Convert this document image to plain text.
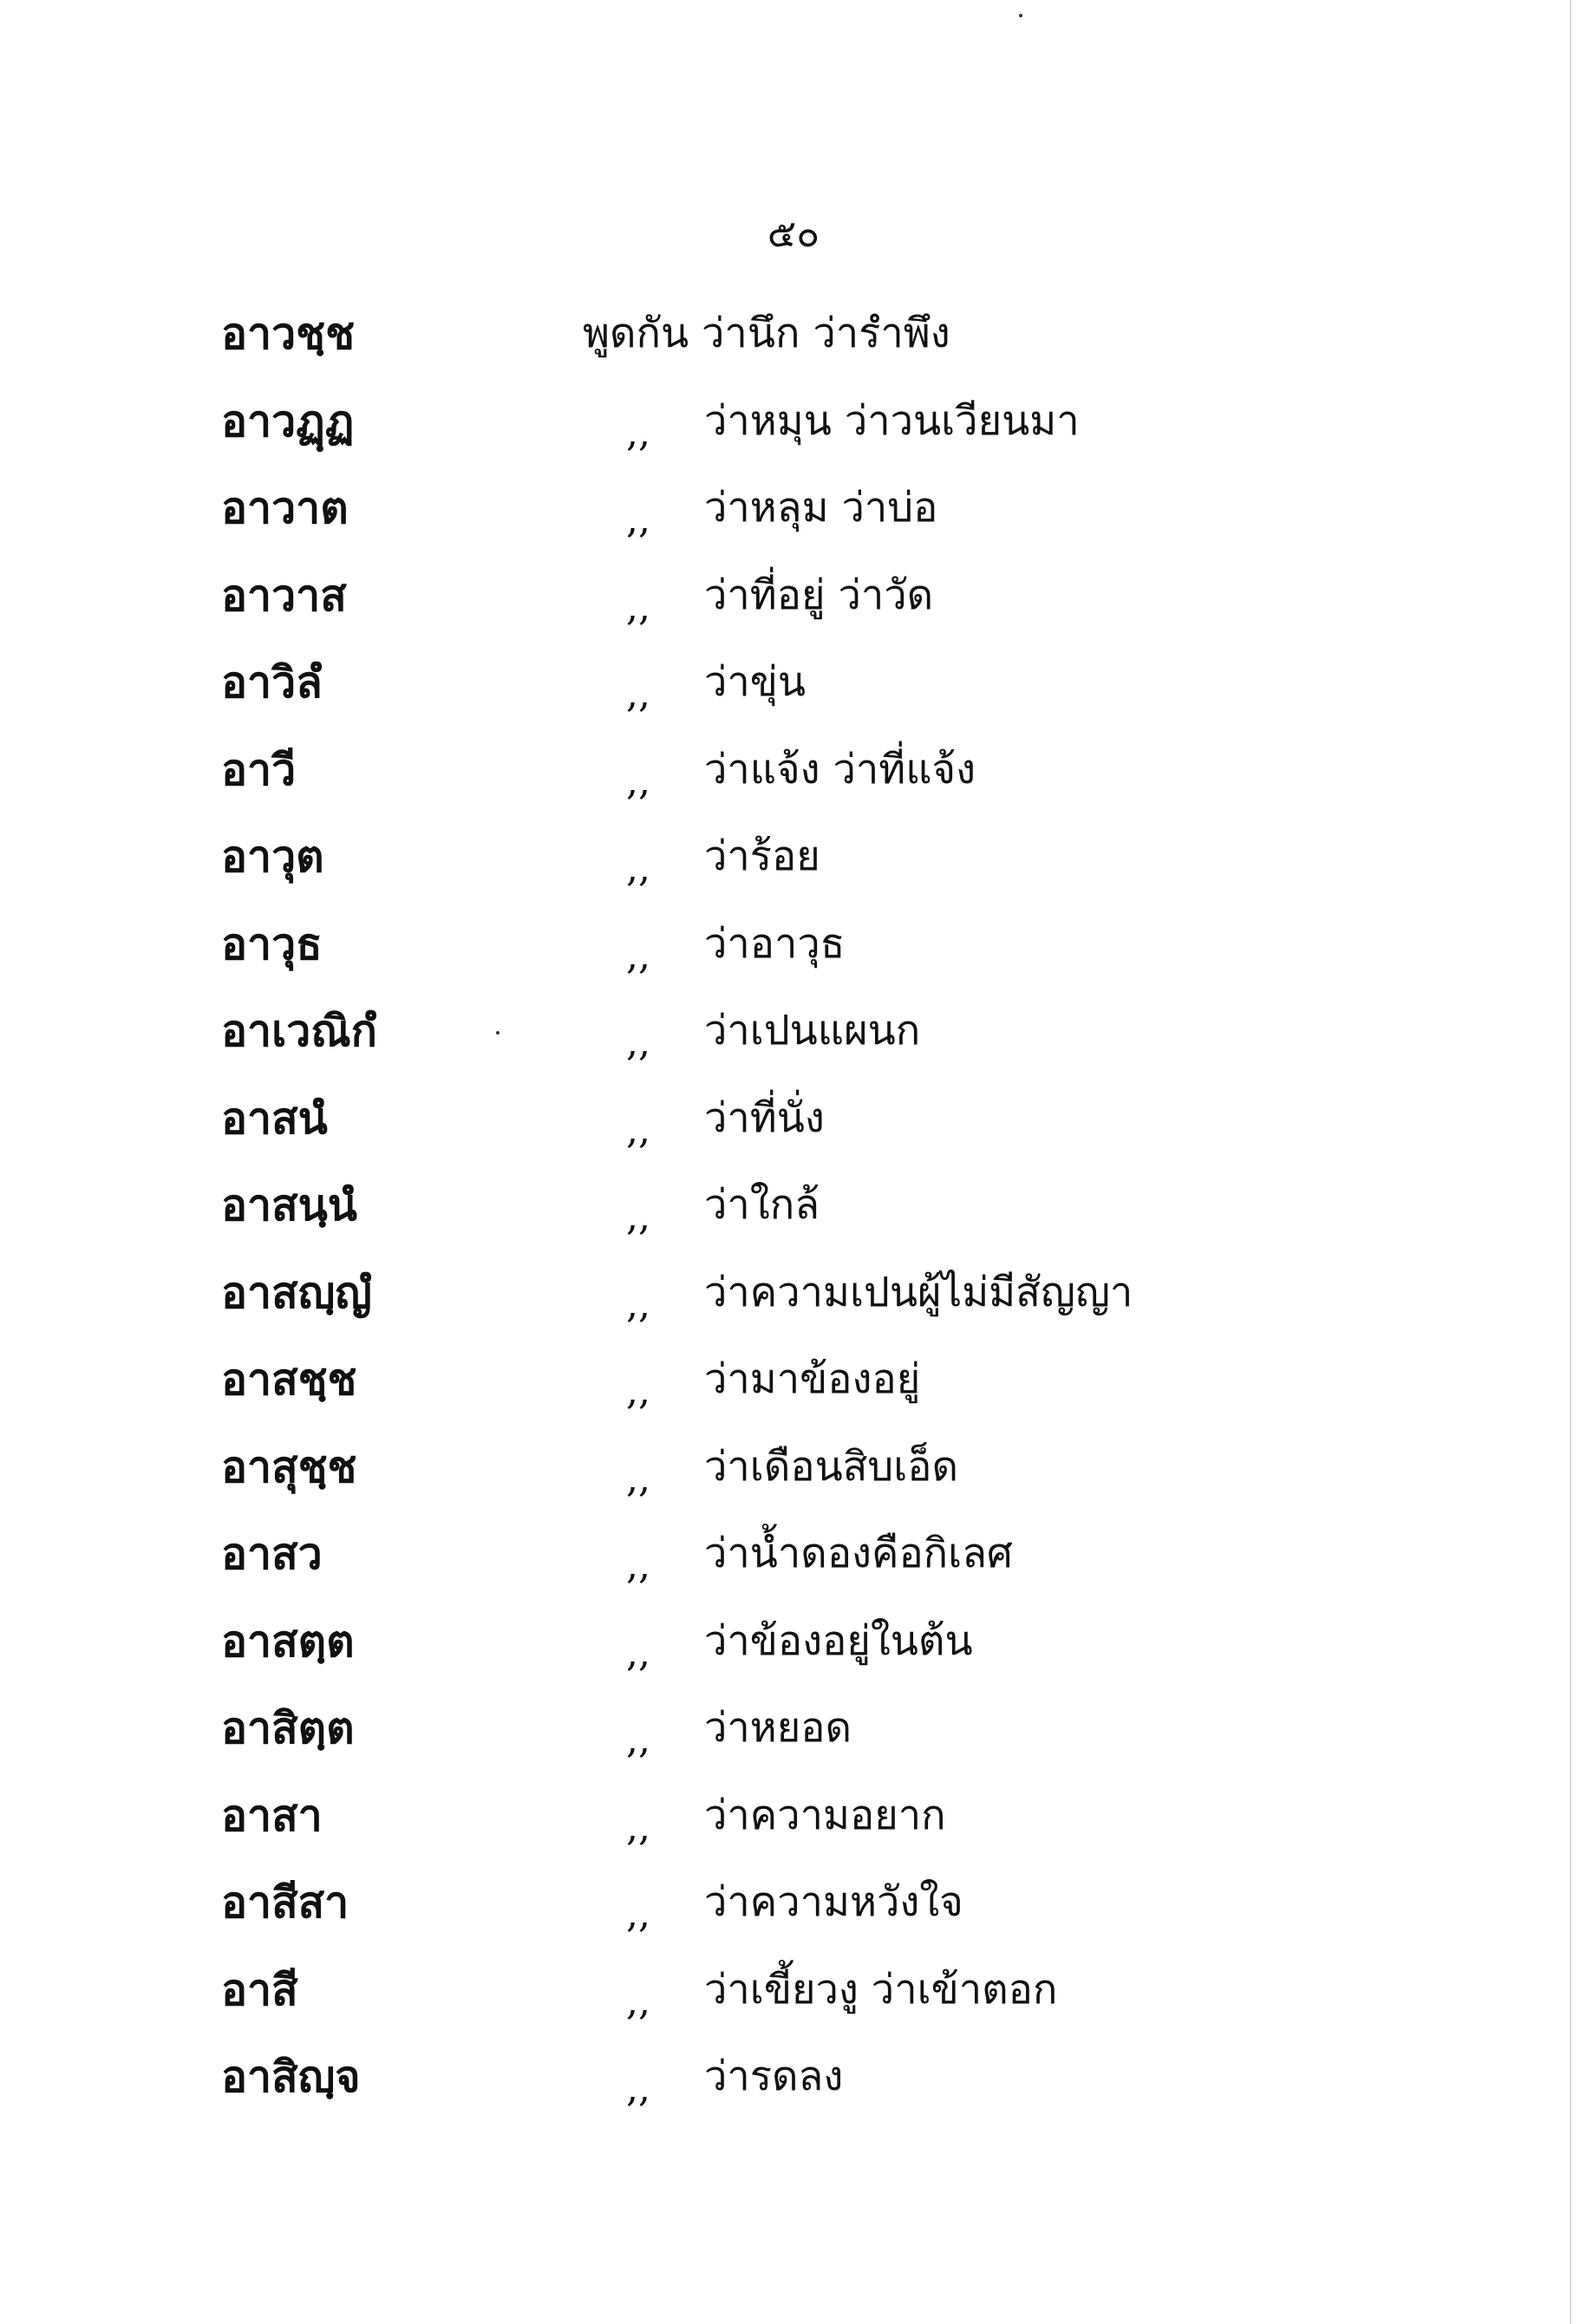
๕๐
อาวชฺช	พูดกัน ว่านึก ว่ารำพึง
อาวฏฺฏ	,, ว่าหมุน ว่าวนเวียนมา
อาวาต	,, ว่าหลุม ว่าบ่อ
อาวาส	,, ว่าที่อยู่ ว่าวัด
อาวิลํ	,, ว่าขุ่น
อาวี	,, ว่าแจ้ง ว่าที่แจ้ง
อาวุต	,, ว่าร้อย
อาวุธ	,, ว่าอาวุธ
อาเวณิกํ	,, ว่าเปนแผนก
อาสนํ	,, ว่าที่นั่ง
อาสนฺนํ	,, ว่าใกล้
อาสญฺญํ	,, ว่าความเปนผู้ไม่มีสัญญา
อาสชฺช	,, ว่ามาข้องอยู่
อาสุชฺช	,, ว่าเดือนสิบเอ็ด
อาสว	,, ว่าน้ำดองคือกิเลศ
อาสตฺต	,, ว่าข้องอยู่ในต้น
อาสิตฺต	,, ว่าหยอด
อาสา	,, ว่าความอยาก
อาสีสา	,, ว่าความหวังใจ
อาสี	,, ว่าเขี้ยวงู ว่าเข้าตอก
อาสิญฺจ	,, ว่ารดลง
